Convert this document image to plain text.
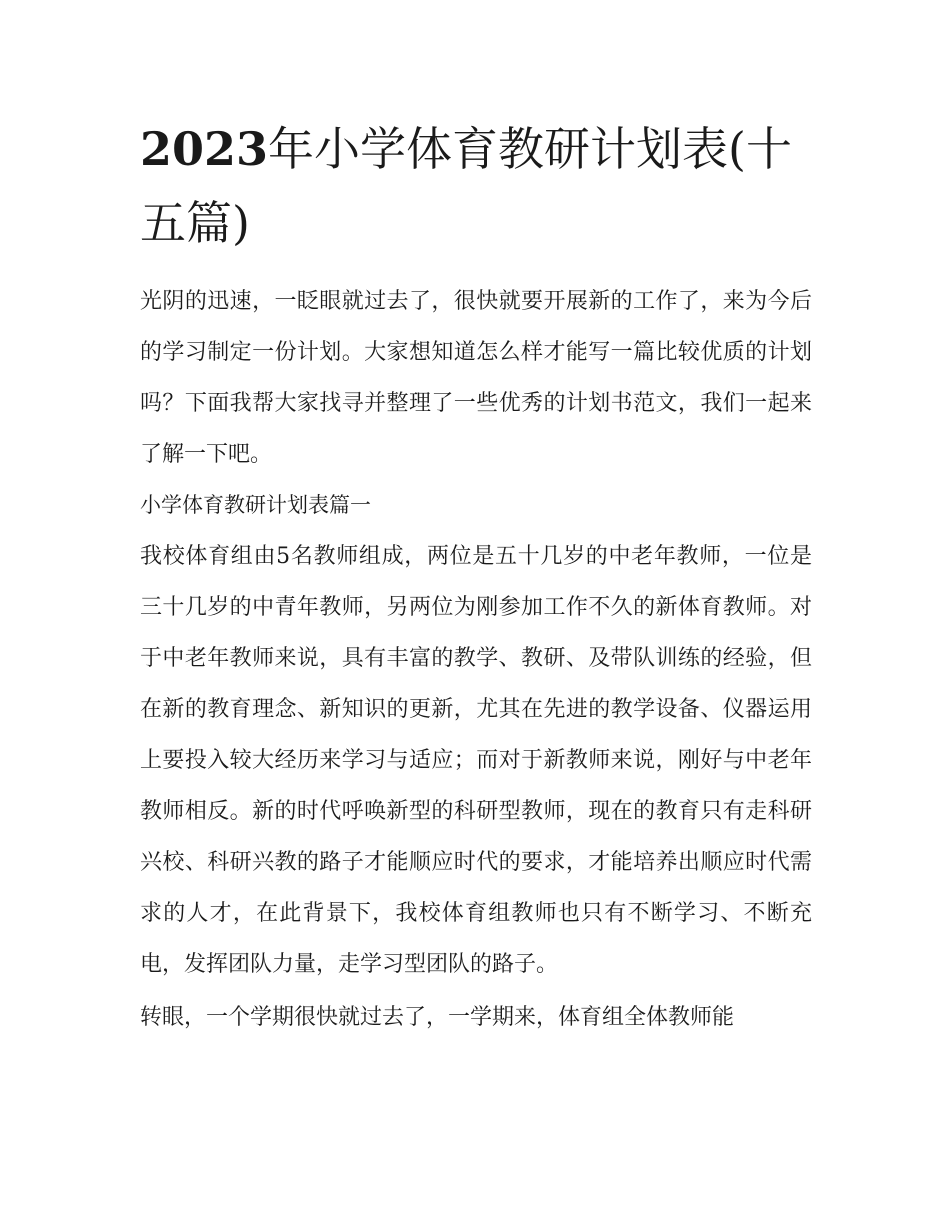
2023年小学体育教研计划表(十五篇)

光阴的迅速，一眨眼就过去了，很快就要开展新的工作了，来为今后的学习制定一份计划。大家想知道怎么样才能写一篇比较优质的计划吗？下面我帮大家找寻并整理了一些优秀的计划书范文，我们一起来了解一下吧。

小学体育教研计划表篇一

我校体育组由5名教师组成，两位是五十几岁的中老年教师，一位是三十几岁的中青年教师，另两位为刚参加工作不久的新体育教师。对于中老年教师来说，具有丰富的教学、教研、及带队训练的经验，但在新的教育理念、新知识的更新，尤其在先进的教学设备、仪器运用上要投入较大经历来学习与适应；而对于新教师来说，刚好与中老年教师相反。新的时代呼唤新型的科研型教师，现在的教育只有走科研兴校、科研兴教的路子才能顺应时代的要求，才能培养出顺应时代需求的人才，在此背景下，我校体育组教师也只有不断学习、不断充电，发挥团队力量，走学习型团队的路子。

转眼，一个学期很快就过去了，一学期来，体育组全体教师能
